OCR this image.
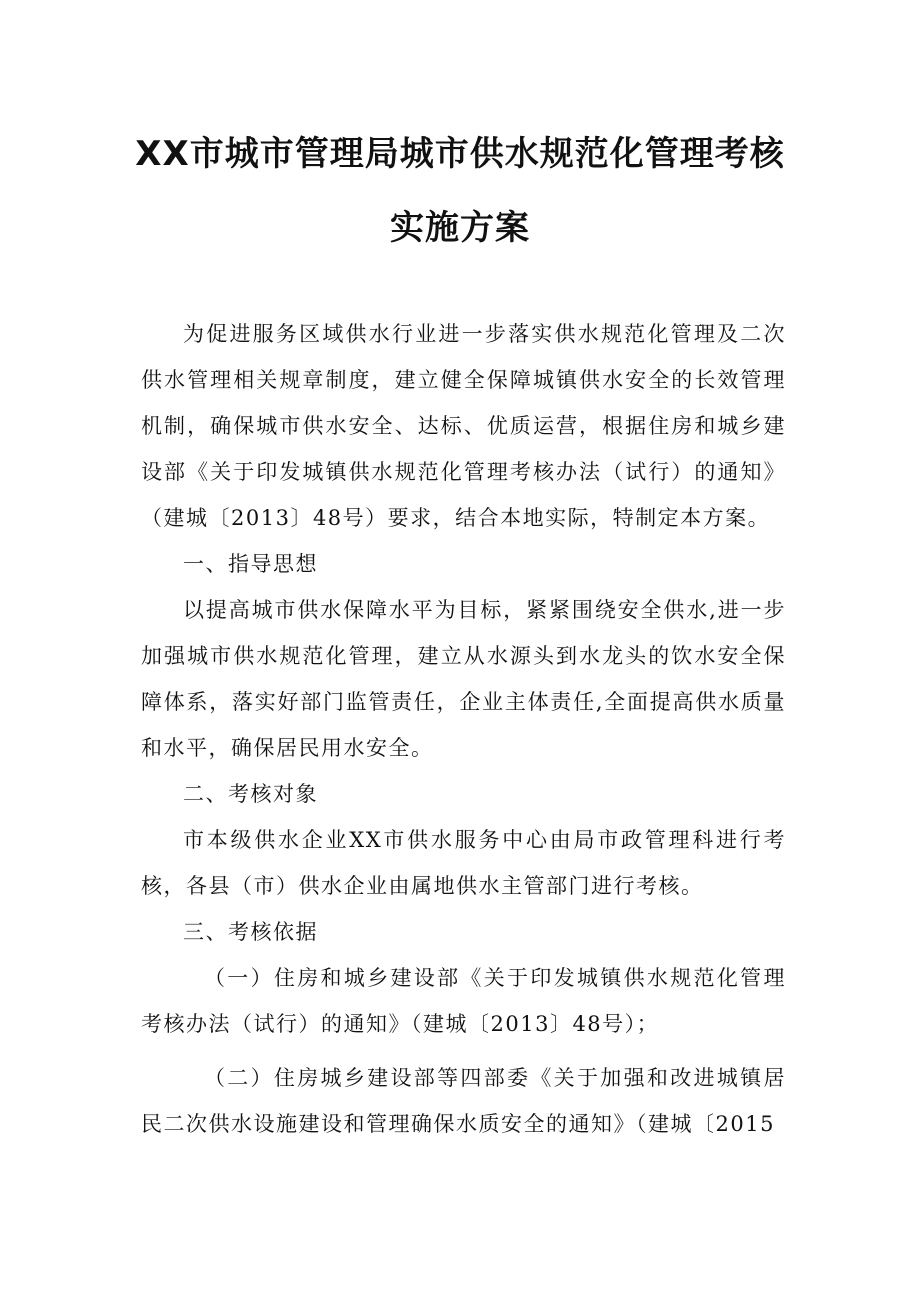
XX市城市管理局城市供水规范化管理考核
实施方案

为促进服务区域供水行业进一步落实供水规范化管理及二次供水管理相关规章制度，建立健全保障城镇供水安全的长效管理机制，确保城市供水安全、达标、优质运营，根据住房和城乡建设部《关于印发城镇供水规范化管理考核办法（试行）的通知》（建城〔2013〕48号）要求，结合本地实际，特制定本方案。

一、指导思想

以提高城市供水保障水平为目标，紧紧围绕安全供水,进一步加强城市供水规范化管理，建立从水源头到水龙头的饮水安全保障体系，落实好部门监管责任，企业主体责任,全面提高供水质量和水平，确保居民用水安全。

二、考核对象

市本级供水企业XX市供水服务中心由局市政管理科进行考核，各县（市）供水企业由属地供水主管部门进行考核。

三、考核依据

（一）住房和城乡建设部《关于印发城镇供水规范化管理考核办法（试行）的通知》（建城〔2013〕48号）；

（二）住房城乡建设部等四部委《关于加强和改进城镇居民二次供水设施建设和管理确保水质安全的通知》（建城〔2015
